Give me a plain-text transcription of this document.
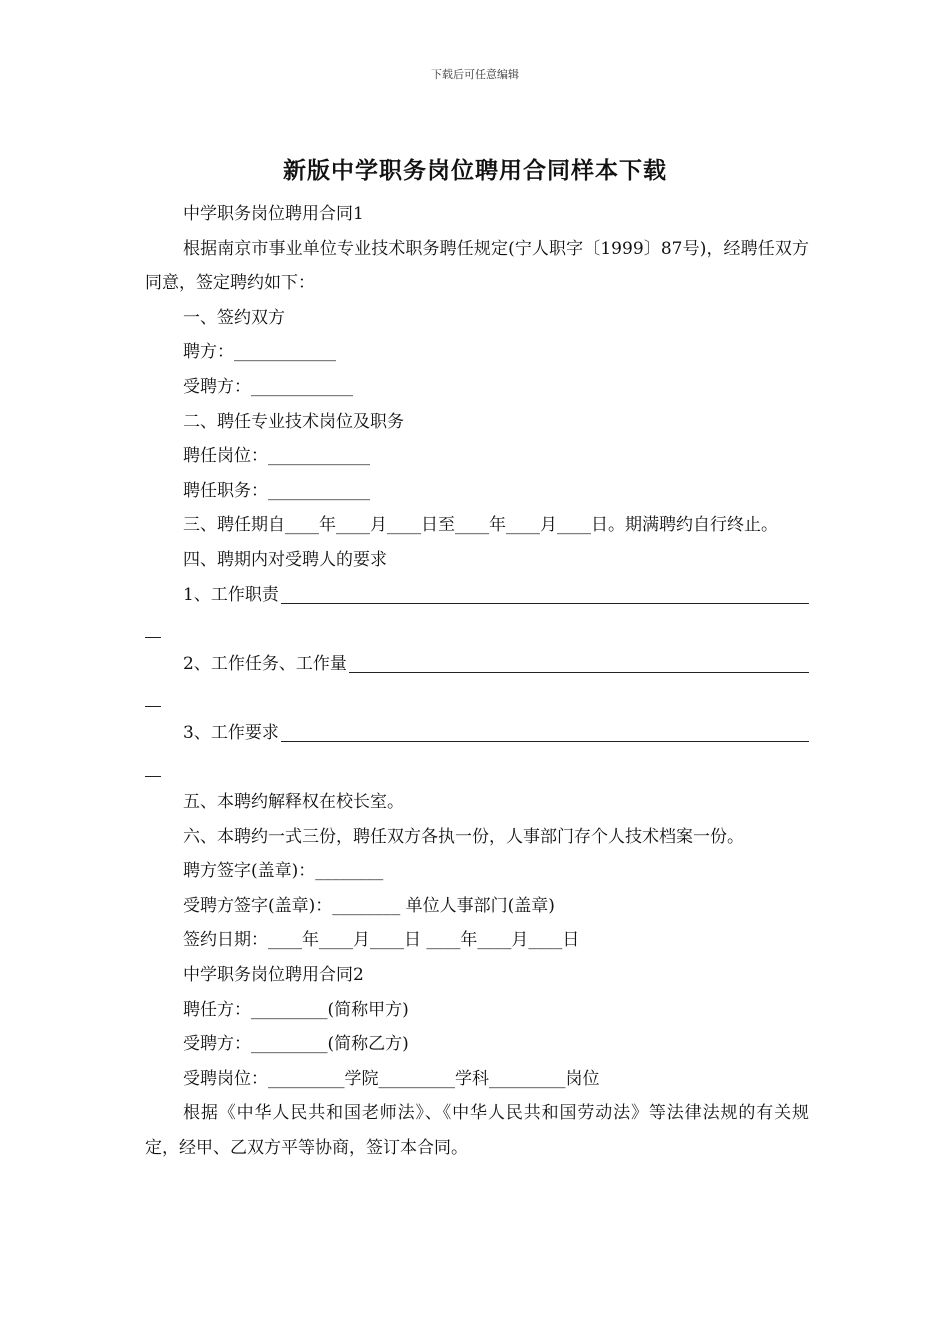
下载后可任意编辑
新版中学职务岗位聘用合同样本下载

中学职务岗位聘用合同1

根据南京市事业单位专业技术职务聘任规定(宁人职字〔1999〕87号)，经聘任双方同意，签定聘约如下：

一、签约双方

聘方：____________

受聘方：____________

二、聘任专业技术岗位及职务

聘任岗位：____________

聘任职务：____________

三、聘任期自____年____月____日至____年____月____日。期满聘约自行终止。

四、聘期内对受聘人的要求

1、工作职责
2、工作任务、工作量
3、工作要求

五、本聘约解释权在校长室。

六、本聘约一式三份，聘任双方各执一份，人事部门存个人技术档案一份。

聘方签字(盖章)：________

受聘方签字(盖章)：________ 单位人事部门(盖章)

签约日期：____年____月____日 ____年____月____日

中学职务岗位聘用合同2

聘任方：_________(简称甲方)

受聘方：_________(简称乙方)

受聘岗位：_________学院_________学科_________岗位

根据《中华人民共和国老师法》、《中华人民共和国劳动法》等法律法规的有关规定，经甲、乙双方平等协商，签订本合同。
